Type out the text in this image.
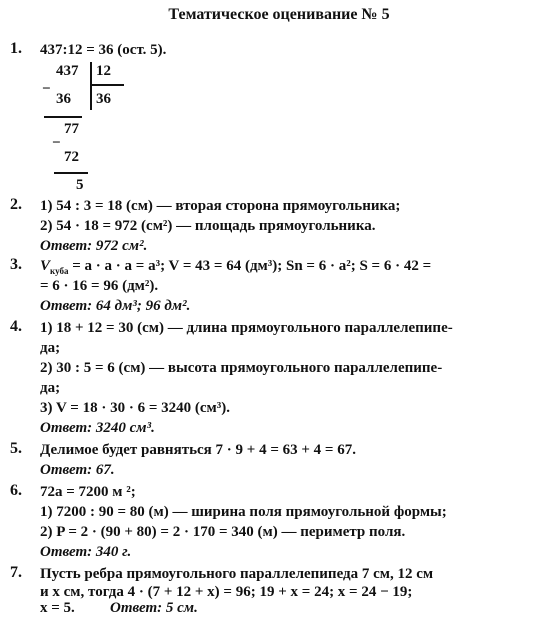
Тематическое оценивание № 5
1. 437:12 = 36 (ост. 5).
437 12
36
−
36
77
−
72
5
2. 1) 54 : 3 = 18 (см) — вторая сторона прямоугольника;
2) 54 · 18 = 972 (см²) — площадь прямоугольника.
Ответ: 972 см².
3. $V_{куба} = a \cdot a \cdot a = a^3$; V = 43 = 64 (дм³); Sn = 6 · a²; S = 6 · 42 =
= 6 · 16 = 96 (дм²).
Ответ: 64 дм³; 96 дм².
4. 1) 18 + 12 = 30 (см) — длина прямоугольного параллелепипе-
да;
2) 30 : 5 = 6 (см) — высота прямоугольного параллелепипе-
да;
3) V = 18 · 30 · 6 = 3240 (см³).
Ответ: 3240 см³.
5. Делимое будет равняться 7 · 9 + 4 = 63 + 4 = 67.
Ответ: 67.
6. 72a = 7200 м ²;
1) 7200 : 90 = 80 (м) — ширина поля прямоугольной формы;
2) P = 2 · (90 + 80) = 2 · 170 = 340 (м) — периметр поля.
Ответ: 340 г.
7. Пусть ребра прямоугольного параллелепипеда 7 см, 12 см
и x см, тогда 4 · (7 + 12 + x) = 96; 19 + x = 24; x = 24 − 19;
x = 5. Ответ: 5 см.
